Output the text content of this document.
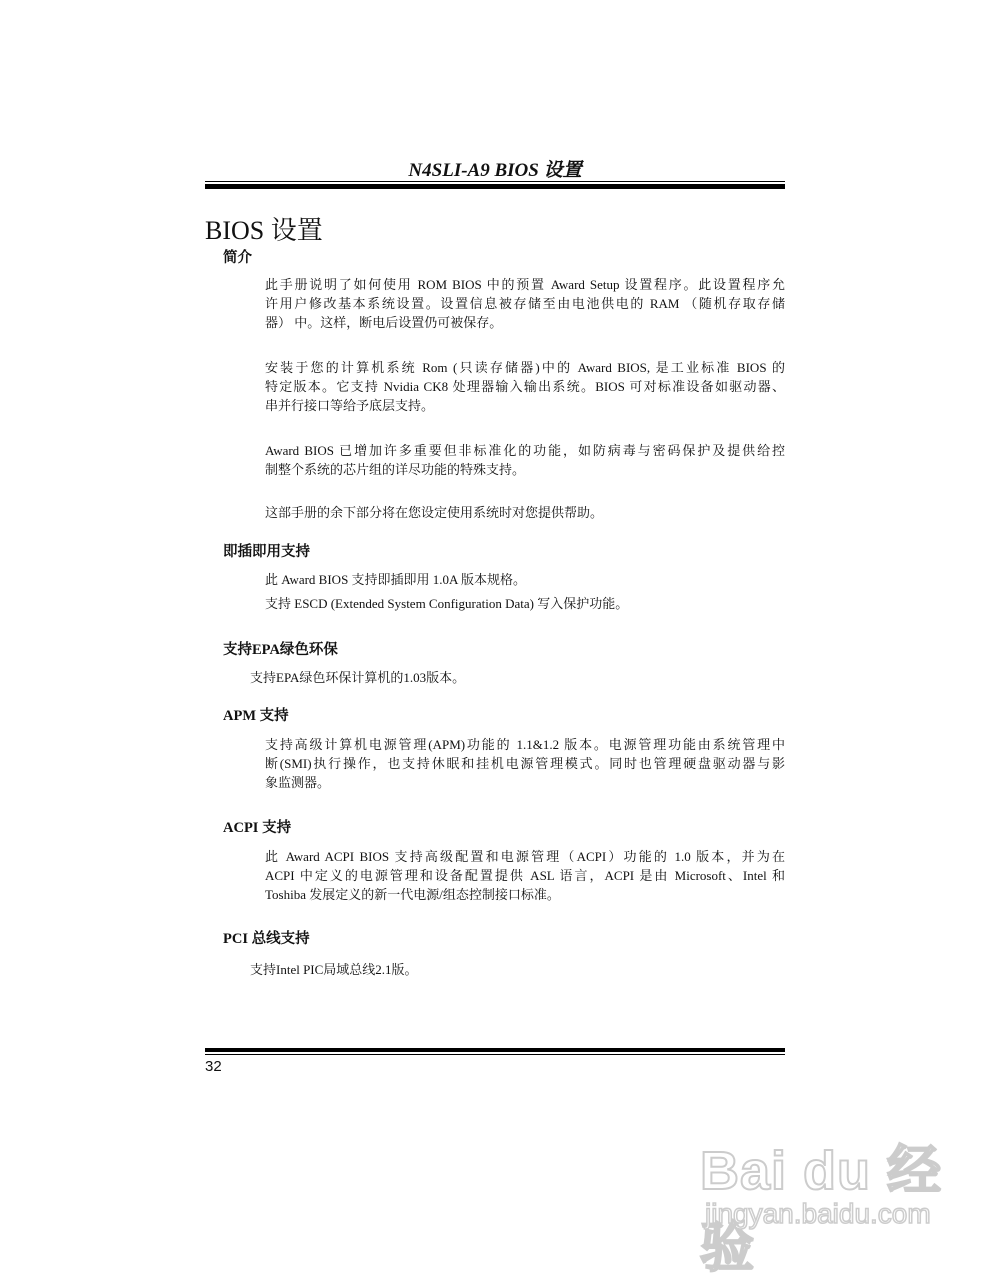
N4SLI-A9 BIOS 设置
BIOS 设置
简介
此手册说明了如何使用 ROM BIOS 中的预置 Award Setup 设置程序。此设置程序允
许用户修改基本系统设置。设置信息被存储至由电池供电的 RAM （随机存取存储
器） 中。这样，断电后设置仍可被保存。
安装于您的计算机系统 Rom (只读存储器)中的 Award BIOS, 是工业标准 BIOS 的
特定版本。它支持 Nvidia CK8 处理器输入输出系统。BIOS 可对标准设备如驱动器、
串并行接口等给予底层支持。
Award BIOS 已增加许多重要但非标准化的功能，如防病毒与密码保护及提供给控
制整个系统的芯片组的详尽功能的特殊支持。
这部手册的余下部分将在您设定使用系统时对您提供帮助。
即插即用支持
此 Award BIOS 支持即插即用 1.0A 版本规格。
支持 ESCD (Extended System Configuration Data) 写入保护功能。
支持EPA绿色环保
支持EPA绿色环保计算机的1.03版本。
APM 支持
支持高级计算机电源管理(APM)功能的 1.1&1.2 版本。电源管理功能由系统管理中
断(SMI)执行操作，也支持休眠和挂机电源管理模式。同时也管理硬盘驱动器与影
象监测器。
ACPI 支持
此 Award ACPI BIOS 支持高级配置和电源管理（ACPI）功能的 1.0 版本，并为在
ACPI 中定义的电源管理和设备配置提供 ASL 语言，ACPI 是由 Microsoft、Intel 和
Toshiba 发展定义的新一代电源/组态控制接口标准。
PCI 总线支持
支持Intel PIC局域总线2.1版。
32
Bai du 经验
jingyan.baidu.com
